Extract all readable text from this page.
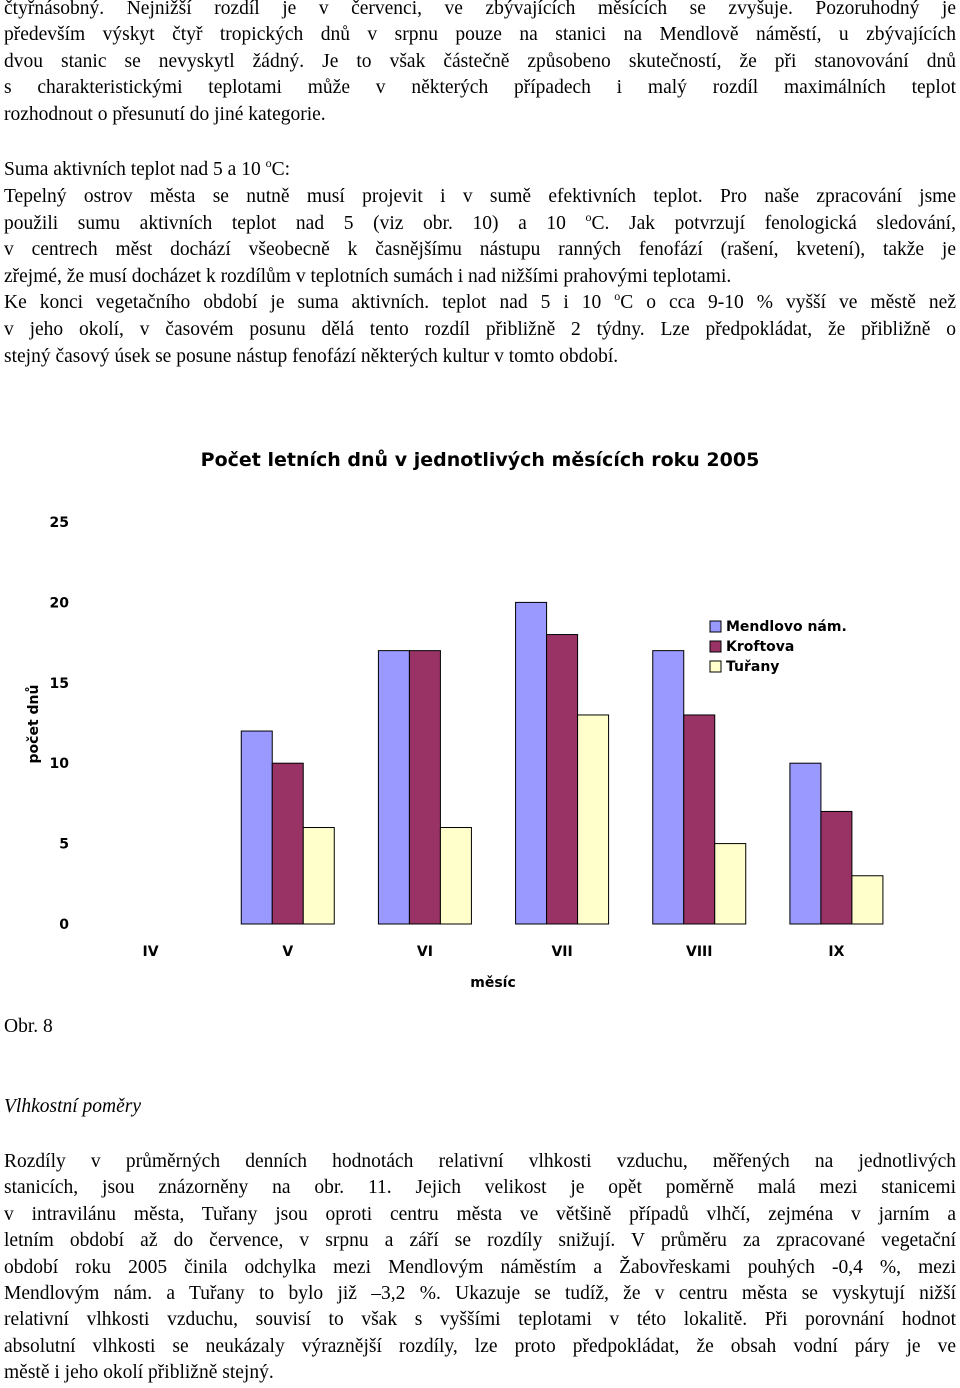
čtyřnásobný. Nejnižší rozdíl je v červenci, ve zbývajících měsících se zvyšuje. Pozoruhodný je
především výskyt čtyř tropických dnů v srpnu pouze na stanici na Mendlově náměstí, u zbývajících
dvou stanic se nevyskytl žádný. Je to však částečně způsobeno skutečností, že při stanovování dnů
s charakteristickými teplotami může v některých případech i malý rozdíl maximálních teplot
rozhodnout o přesunutí do jiné kategorie.
Suma aktivních teplot nad 5 a 10 $^o$C:
Tepelný ostrov města se nutně musí projevit i v sumě efektivních teplot. Pro naše zpracování jsme
použili sumu aktivních teplot nad 5 (viz obr. 10) a 10 $^o$C. Jak potvrzují fenologická sledování,
v centrech měst dochází všeobecně k časnějšímu nástupu ranných fenofází (rašení, kvetení), takže je
zřejmé, že musí docházet k rozdílům v teplotních sumách i nad nižšími prahovými teplotami.
Ke konci vegetačního období je suma aktivních. teplot nad 5 i 10 $^o$C o cca 9-10 % vyšší ve městě než
v jeho okolí, v časovém posunu dělá tento rozdíl přibližně 2 týdny. Lze předpokládat, že přibližně o
stejný časový úsek se posune nástup fenofází některých kultur v tomto období.
Počet letních dnů v jednotlivých měsících roku 2005
počet dnů
měsíc
0
5
10
15
20
25
IV	V	VI	VII	VIII	IX
Mendlovo nám.
Kroftova
Tuřany
Obr. 8
Vlhkostní poměry
Rozdíly v průměrných denních hodnotách relativní vlhkosti vzduchu, měřených na jednotlivých
stanicích, jsou znázorněny na obr. 11. Jejich velikost je opět poměrně malá mezi stanicemi
v intravilánu města, Tuřany jsou oproti centru města ve většině případů vlhčí, zejména v jarním a
letním období až do července, v srpnu a září se rozdíly snižují. V průměru za zpracované vegetační
období roku 2005 činila odchylka mezi Mendlovým náměstím a Žabovřeskami pouhých -0,4 %, mezi
Mendlovým nám. a Tuřany to bylo již –3,2 %. Ukazuje se tudíž, že v centru města se vyskytují nižší
relativní vlhkosti vzduchu, souvisí to však s vyššími teplotami v této lokalitě. Při porovnání hodnot
absolutní vlhkosti se neukázaly výraznější rozdíly, lze proto předpokládat, že obsah vodní páry je ve
městě i jeho okolí přibližně stejný.
